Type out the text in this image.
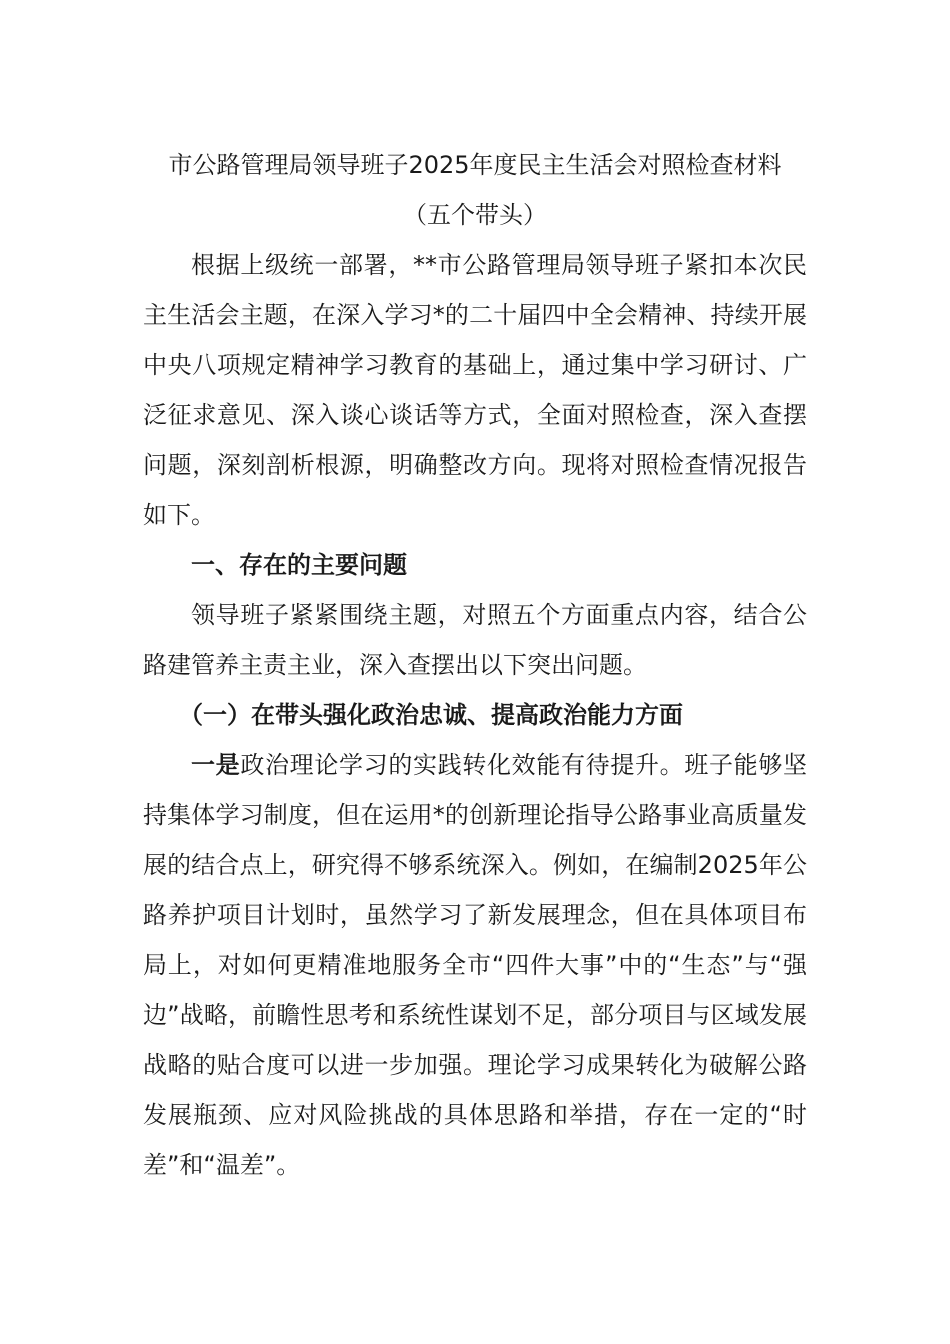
市公路管理局领导班子2025年度民主生活会对照检查材料
（五个带头）

根据上级统一部署，**市公路管理局领导班子紧扣本次民主生活会主题，在深入学习*的二十届四中全会精神、持续开展中央八项规定精神学习教育的基础上，通过集中学习研讨、广泛征求意见、深入谈心谈话等方式，全面对照检查，深入查摆问题，深刻剖析根源，明确整改方向。现将对照检查情况报告如下。

一、存在的主要问题

领导班子紧紧围绕主题，对照五个方面重点内容，结合公路建管养主责主业，深入查摆出以下突出问题。

（一）在带头强化政治忠诚、提高政治能力方面

一是政治理论学习的实践转化效能有待提升。班子能够坚持集体学习制度，但在运用*的创新理论指导公路事业高质量发展的结合点上，研究得不够系统深入。例如，在编制2025年公路养护项目计划时，虽然学习了新发展理念，但在具体项目布局上，对如何更精准地服务全市“四件大事”中的“生态”与“强边”战略，前瞻性思考和系统性谋划不足，部分项目与区域发展战略的贴合度可以进一步加强。理论学习成果转化为破解公路发展瓶颈、应对风险挑战的具体思路和举措，存在一定的“时差”和“温差”。
